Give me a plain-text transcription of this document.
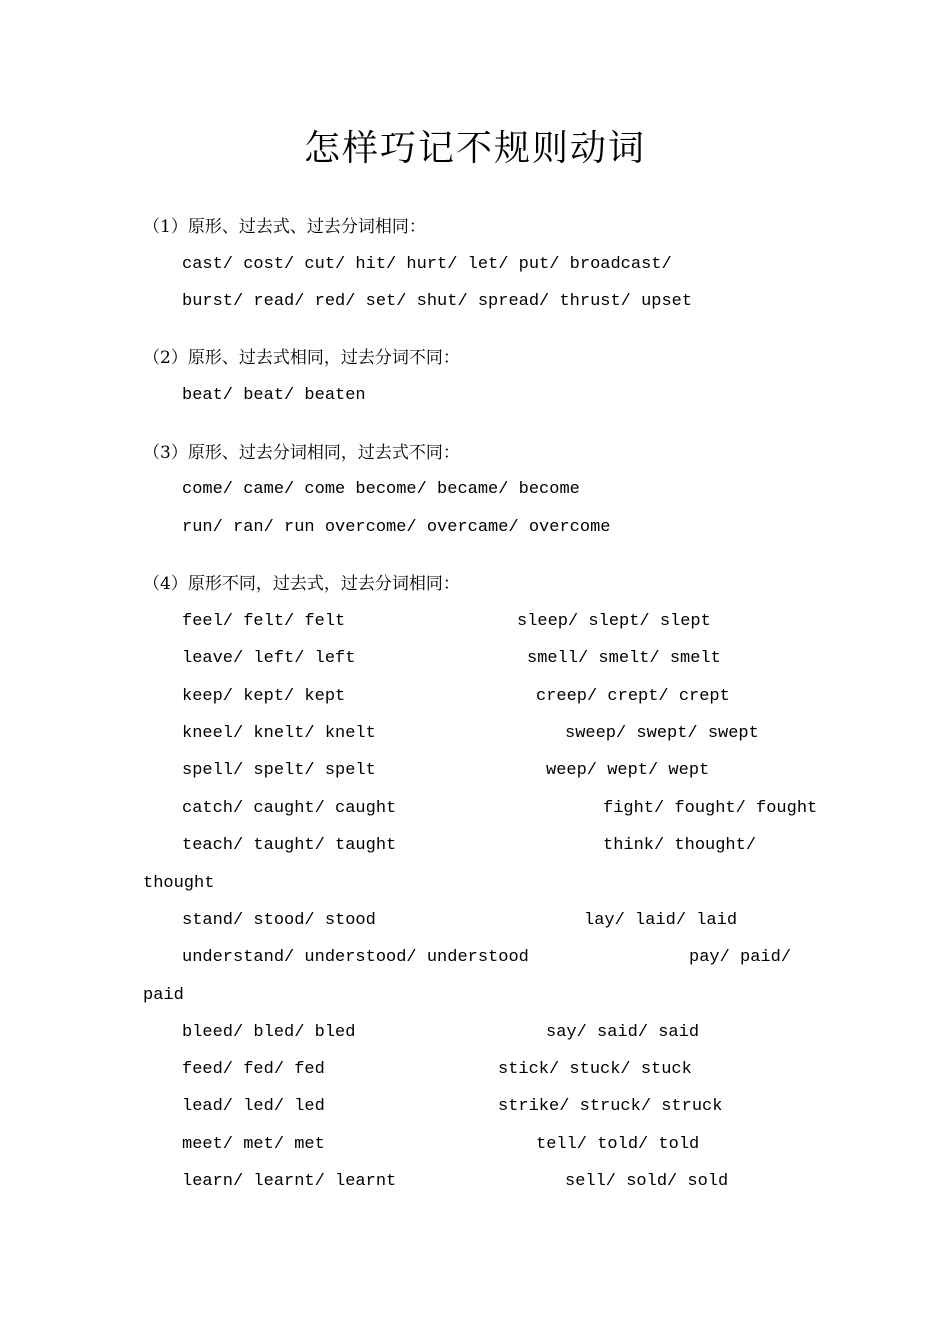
怎样巧记不规则动词
（1）原形、过去式、过去分词相同：
cast/ cost/ cut/ hit/ hurt/ let/ put/ broadcast/
burst/ read/ red/ set/ shut/ spread/ thrust/ upset
（2）原形、过去式相同，过去分词不同：
beat/ beat/ beaten
（3）原形、过去分词相同，过去式不同：
come/ came/ come become/ became/ become
run/ ran/ run overcome/ overcame/ overcome
（4）原形不同，过去式，过去分词相同：
feel/ felt/ felt	sleep/ slept/ slept
leave/ left/ left	smell/ smelt/ smelt
keep/ kept/ kept	creep/ crept/ crept
kneel/ knelt/ knelt	sweep/ swept/ swept
spell/ spelt/ spelt	weep/ wept/ wept
catch/ caught/ caught	fight/ fought/ fought
teach/ taught/ taught	think/ thought/
thought
stand/ stood/ stood	lay/ laid/ laid
understand/ understood/ understood	pay/ paid/
paid
bleed/ bled/ bled	say/ said/ said
feed/ fed/ fed	stick/ stuck/ stuck
lead/ led/ led	strike/ struck/ struck
meet/ met/ met	tell/ told/ told
learn/ learnt/ learnt	sell/ sold/ sold
